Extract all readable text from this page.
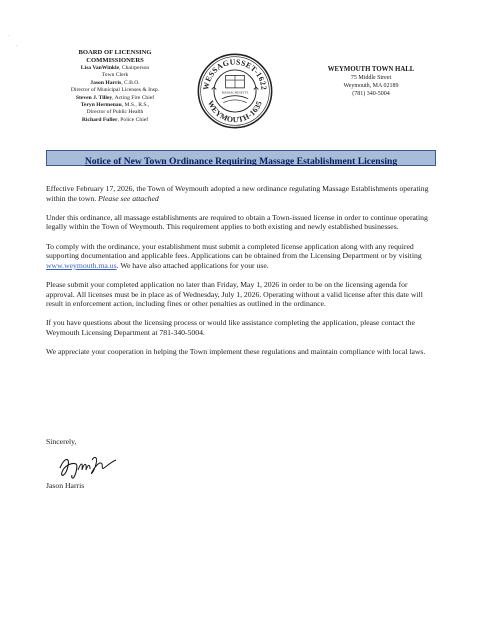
·
·
BOARD OF LICENSING
COMMISSIONERS
Lisa VanWinkle, Chairperson
Town Clerk
Jason Harris, C.B.O.
Director of Municipal Licenses & Insp.
Steven J. Tilley, Acting Fire Chief
Teryn Hermenau, M.S., R.S.,
Director of Public Health
Richard Fuller, Police Chief
WESSAGUSSET-1622
WEYMOUTH-1635
MASSACHUSETTS
WEYMOUTH TOWN HALL
75 Middle Street
Weymouth, MA 02189
(781) 340-5004
Notice of New Town Ordinance Requiring Massage Establishment Licensing

Effective February 17, 2026, the Town of Weymouth adopted a new ordinance regulating Massage Establishments operating within the town. Please see attached

Under this ordinance, all massage establishments are required to obtain a Town-issued license in order to continue operating legally within the Town of Weymouth. This requirement applies to both existing and newly established businesses.

To comply with the ordinance, your establishment must submit a completed license application along with any required supporting documentation and applicable fees. Applications can be obtained from the Licensing Department or by visiting www.weymouth.ma.us. We have also attached applications for your use.

Please submit your completed application no later than Friday, May 1, 2026 in order to be on the licensing agenda for approval. All licenses must be in place as of Wednesday, July 1, 2026. Operating without a valid license after this date will result in enforcement action, including fines or other penalties as outlined in the ordinance.

If you have questions about the licensing process or would like assistance completing the application, please contact the Weymouth Licensing Department at 781-340-5004.

We appreciate your cooperation in helping the Town implement these regulations and maintain compliance with local laws.

Sincerely,
Jason Harris
